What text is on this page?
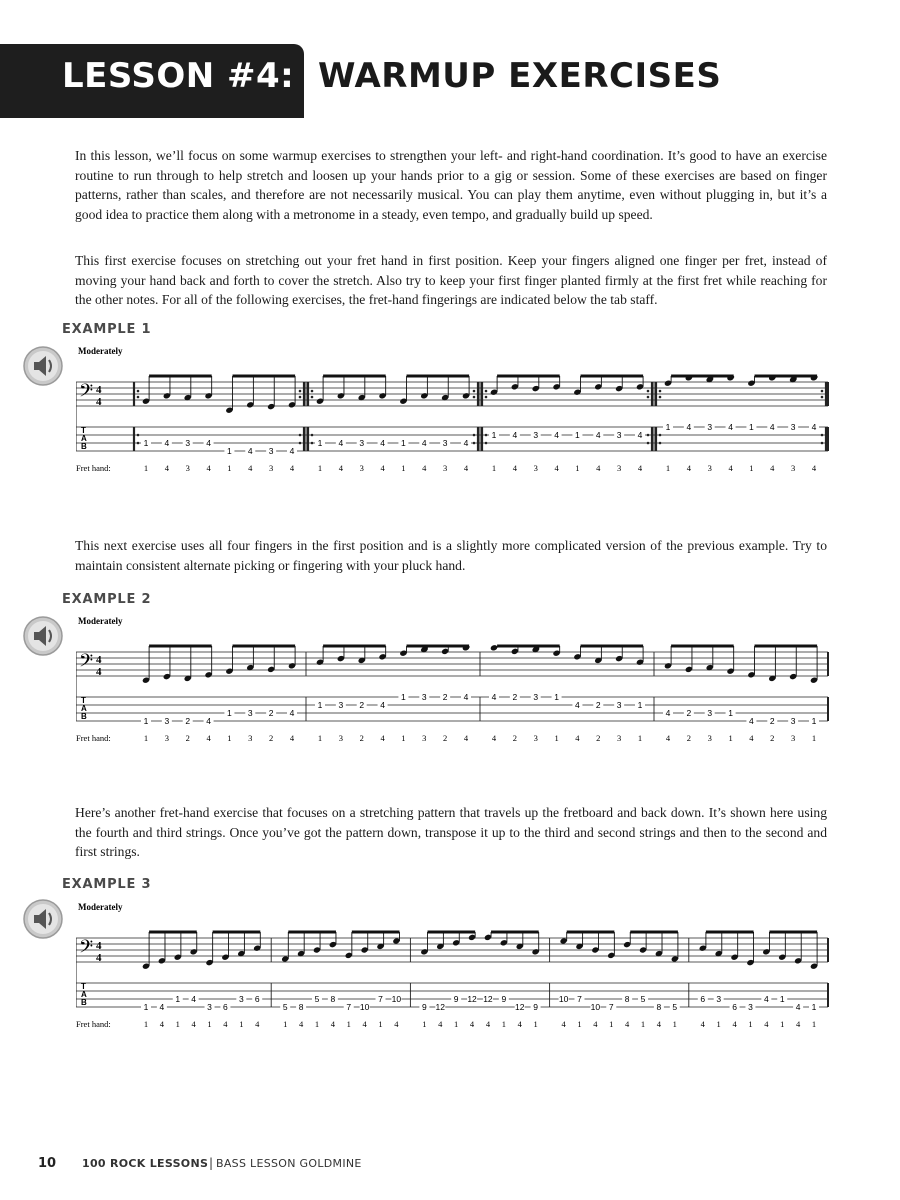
LESSON #4: WARMUP EXERCISES

In this lesson, we’ll focus on some warmup exercises to strengthen your left- and right-hand coordination. It’s good to have an exercise routine to run through to help stretch and loosen up your hands prior to a gig or session. Some of these exercises are based on finger patterns, rather than scales, and therefore are not necessarily musical. You can play them anytime, even without plugging in, but it’s a good idea to practice them along with a metronome in a steady, even tempo, and gradually build up speed.

This first exercise focuses on stretching out your fret hand in first position. Keep your fingers aligned one finger per fret, instead of moving your hand back and forth to cover the stretch. Also try to keep your first finger planted firmly at the first fret while reaching for the other notes. For all of the following exercises, the fret-hand fingerings are indicated below the tab staff.

EXAMPLE 1
Moderately
𝄢 4
4
T
A
B
Fret hand:
1
1
4
4
3
3
4
4
1
1
4
4
3
3
4
4
1
1
4
4
3
3
4
4
1
1
4
4
3
3
4
4
1
1
4
4
3
3
4
4
1
1
4
4
3
3
4
4
1
1
4
4
3
3
4
4
1
1
4
4
3
3
4
4

This next exercise uses all four fingers in the first position and is a slightly more complicated version of the previous example. Try to maintain consistent alternate picking or fingering with your pluck hand.

EXAMPLE 2
Moderately
𝄢 4
4
T
A
B
Fret hand:
1
1
3
3
2
2
4
4
1
1
3
3
2
2
4
4
1
1
3
3
2
2
4
4
1
1
3
3
2
2
4
4
4
4
2
2
3
3
1
1
4
4
2
2
3
3
1
1
4
4
2
2
3
3
1
1
4
4
2
2
3
3
1
1

Here’s another fret-hand exercise that focuses on a stretching pattern that travels up the fretboard and back down. It’s shown here using the fourth and third strings. Once you’ve got the pattern down, transpose it up to the third and second strings and then to the second and first strings.

EXAMPLE 3
Moderately
𝄢 4
4
T
A
B
Fret hand:
1
1
4
4
1
1
4
4
3
1
6
4
3
1
6
4
5
1
8
4
5
1
8
4
7
1
10
4
7
1
10
4
9
1
12
4
9
1
12
4
12
4
9
1
12
4
9
1
10
4
7
1
10
4
7
1
8
4
5
1
8
4
5
1
6
4
3
1
6
4
3
1
4
4
1
1
4
4
1
1
10 100 ROCK LESSONS | BASS LESSON GOLDMINE
